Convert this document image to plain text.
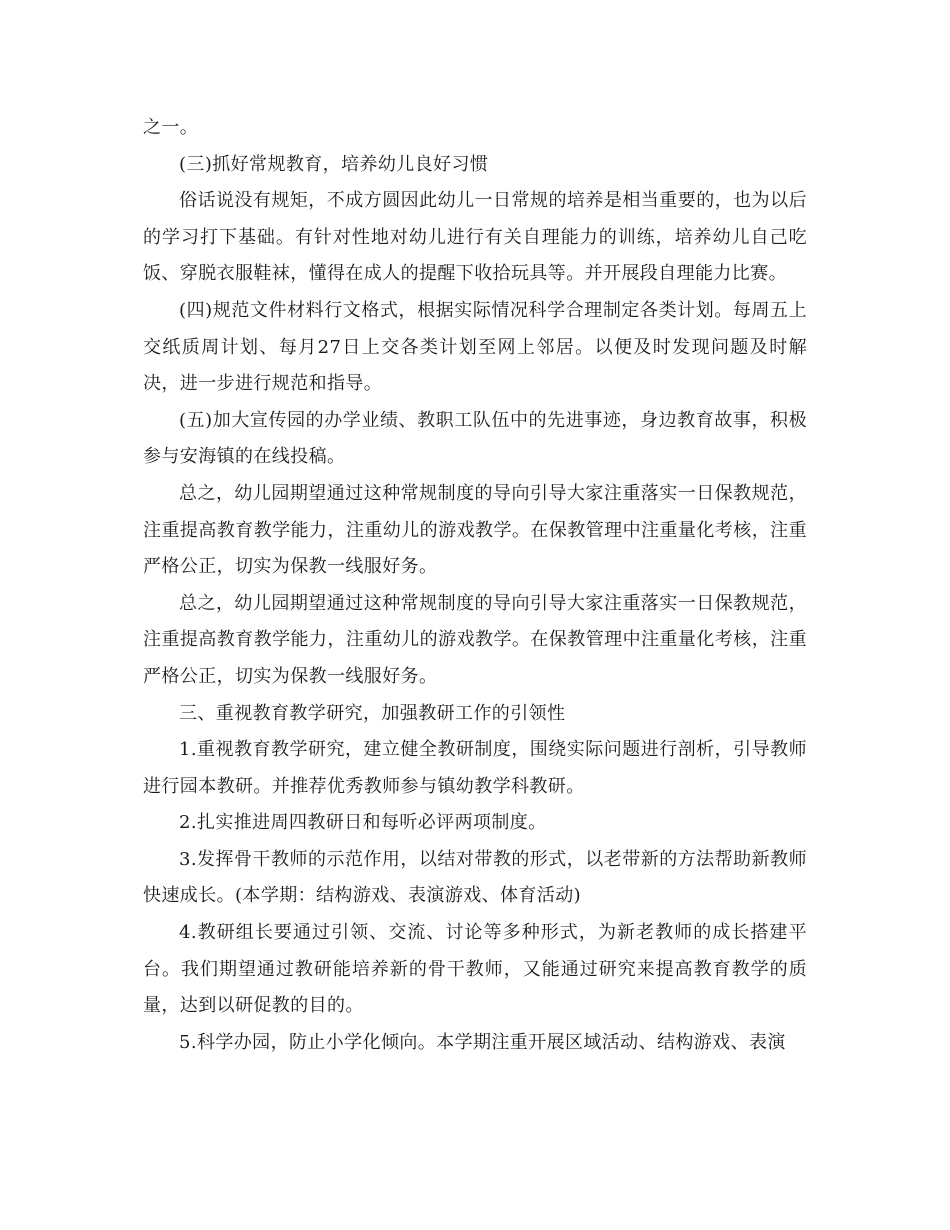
之一。

(三)抓好常规教育，培养幼儿良好习惯

俗话说没有规矩，不成方圆因此幼儿一日常规的培养是相当重要的，也为以后的学习打下基础。有针对性地对幼儿进行有关自理能力的训练，培养幼儿自己吃饭、穿脱衣服鞋袜，懂得在成人的提醒下收拾玩具等。并开展段自理能力比赛。

(四)规范文件材料行文格式，根据实际情况科学合理制定各类计划。每周五上交纸质周计划、每月27日上交各类计划至网上邻居。以便及时发现问题及时解决，进一步进行规范和指导。

(五)加大宣传园的办学业绩、教职工队伍中的先进事迹，身边教育故事，积极参与安海镇的在线投稿。

总之，幼儿园期望通过这种常规制度的导向引导大家注重落实一日保教规范，注重提高教育教学能力，注重幼儿的游戏教学。在保教管理中注重量化考核，注重严格公正，切实为保教一线服好务。

总之，幼儿园期望通过这种常规制度的导向引导大家注重落实一日保教规范，注重提高教育教学能力，注重幼儿的游戏教学。在保教管理中注重量化考核，注重严格公正，切实为保教一线服好务。

三、重视教育教学研究，加强教研工作的引领性

1.重视教育教学研究，建立健全教研制度，围绕实际问题进行剖析，引导教师进行园本教研。并推荐优秀教师参与镇幼教学科教研。

2.扎实推进周四教研日和每听必评两项制度。

3.发挥骨干教师的示范作用，以结对带教的形式，以老带新的方法帮助新教师快速成长。(本学期：结构游戏、表演游戏、体育活动)

4.教研组长要通过引领、交流、讨论等多种形式，为新老教师的成长搭建平台。我们期望通过教研能培养新的骨干教师，又能通过研究来提高教育教学的质量，达到以研促教的目的。

5.科学办园，防止小学化倾向。本学期注重开展区域活动、结构游戏、表演
